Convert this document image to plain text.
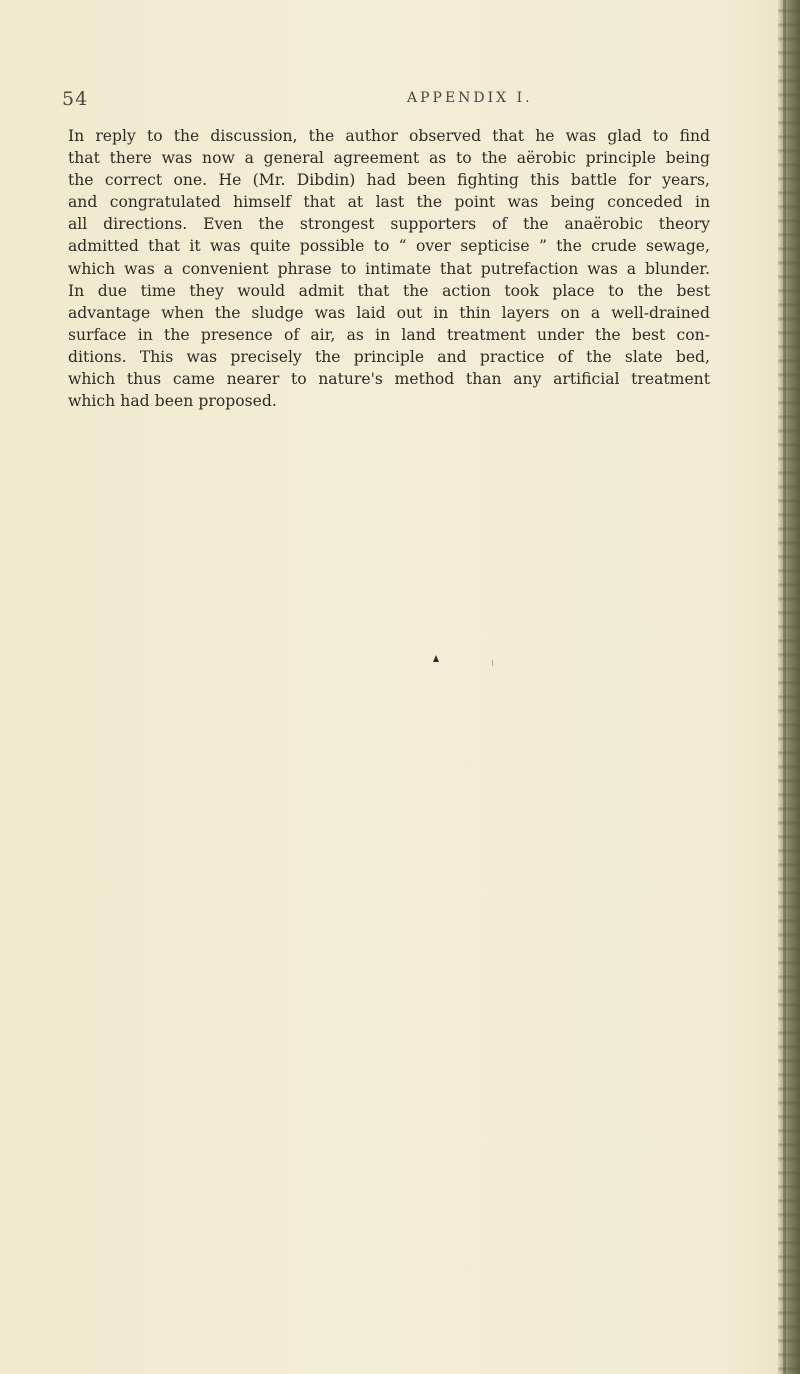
54	APPENDIX I.
In reply to the discussion, the author observed that he was glad to find
that there was now a general agreement as to the aërobic principle being
the correct one. He (Mr. Dibdin) had been fighting this battle for years,
and congratulated himself that at last the point was being conceded in
all directions. Even the strongest supporters of the anaërobic theory
admitted that it was quite possible to “ over septicise ” the crude sewage,
which was a convenient phrase to intimate that putrefaction was a blunder.
In due time they would admit that the action took place to the best
advantage when the sludge was laid out in thin layers on a well-drained
surface in the presence of air, as in land treatment under the best con-
ditions. This was precisely the principle and practice of the slate bed,
which thus came nearer to nature's method than any artificial treatment
which had been proposed.
